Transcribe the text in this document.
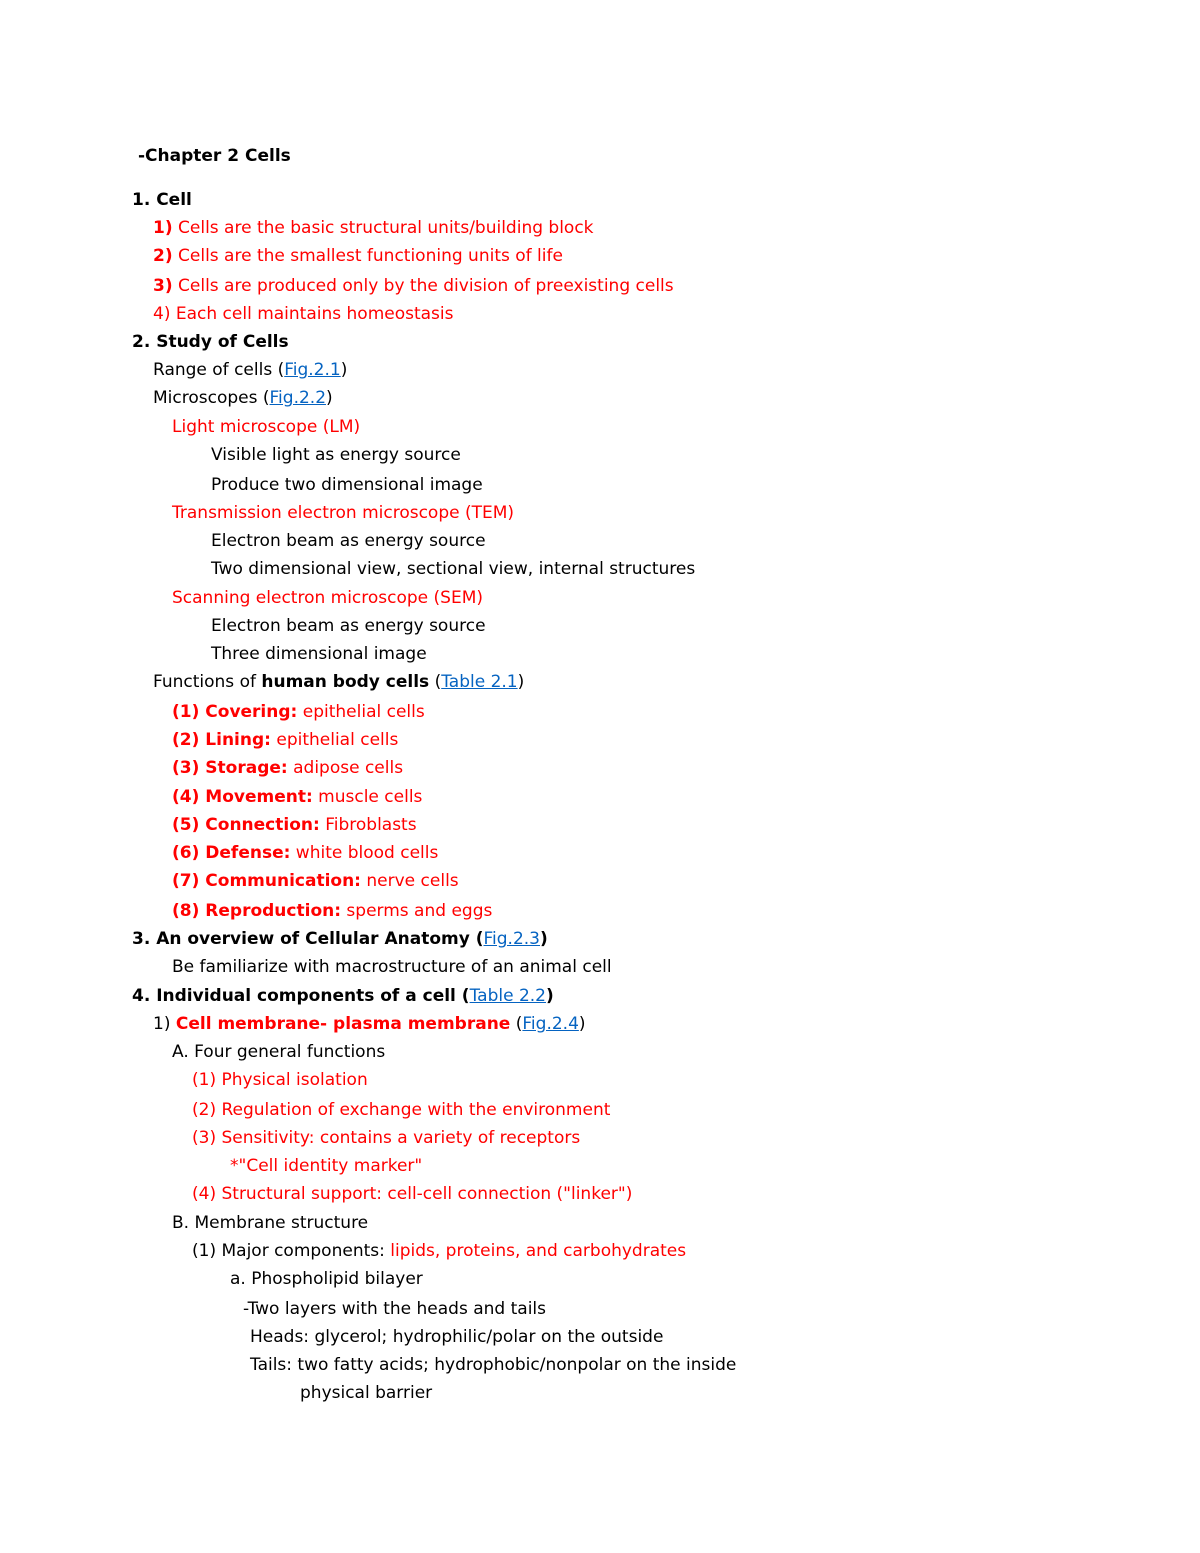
-Chapter 2 Cells
1. Cell
1) Cells are the basic structural units/building block
2) Cells are the smallest functioning units of life
3) Cells are produced only by the division of preexisting cells
4) Each cell maintains homeostasis
2. Study of Cells
Range of cells (Fig.2.1)
Microscopes (Fig.2.2)
Light microscope (LM)
Visible light as energy source
Produce two dimensional image
Transmission electron microscope (TEM)
Electron beam as energy source
Two dimensional view, sectional view, internal structures
Scanning electron microscope (SEM)
Electron beam as energy source
Three dimensional image
Functions of human body cells (Table 2.1)
(1) Covering: epithelial cells
(2) Lining: epithelial cells
(3) Storage: adipose cells
(4) Movement: muscle cells
(5) Connection: Fibroblasts
(6) Defense: white blood cells
(7) Communication: nerve cells
(8) Reproduction: sperms and eggs
3. An overview of Cellular Anatomy (Fig.2.3)
Be familiarize with macrostructure of an animal cell
4. Individual components of a cell (Table 2.2)
1) Cell membrane- plasma membrane (Fig.2.4)
A. Four general functions
(1) Physical isolation
(2) Regulation of exchange with the environment
(3) Sensitivity: contains a variety of receptors
*"Cell identity marker"
(4) Structural support: cell-cell connection ("linker")
B. Membrane structure
(1) Major components: lipids, proteins, and carbohydrates
a. Phospholipid bilayer
-Two layers with the heads and tails
Heads: glycerol; hydrophilic/polar on the outside
Tails: two fatty acids; hydrophobic/nonpolar on the inside
physical barrier
